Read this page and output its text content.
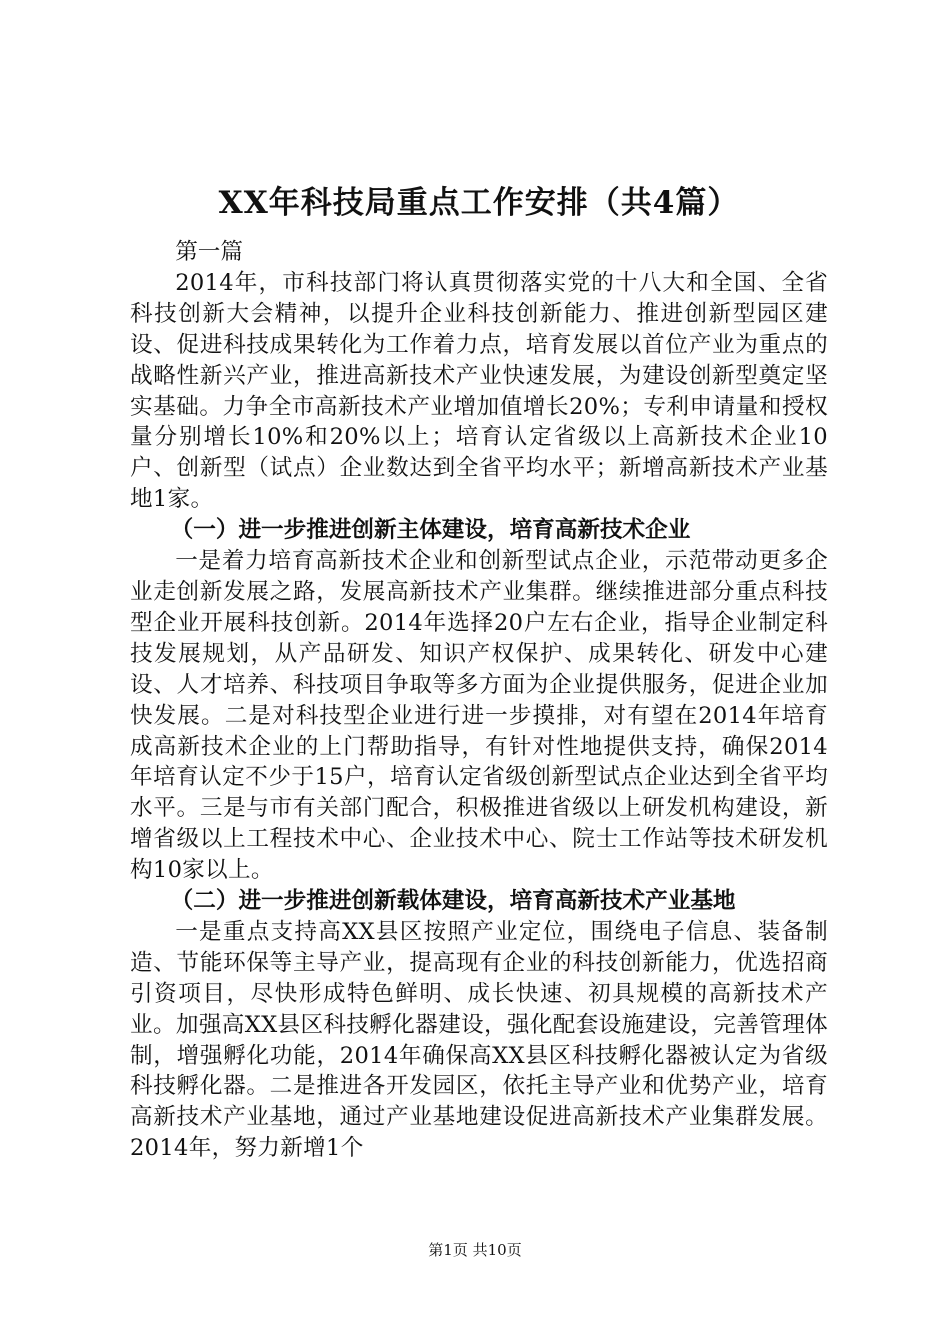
XX年科技局重点工作安排（共4篇）

第一篇

2014年，市科技部门将认真贯彻落实党的十八大和全国、全省科技创新大会精神，以提升企业科技创新能力、推进创新型园区建设、促进科技成果转化为工作着力点，培育发展以首位产业为重点的战略性新兴产业，推进高新技术产业快速发展，为建设创新型奠定坚实基础。力争全市高新技术产业增加值增长20%；专利申请量和授权量分别增长10%和20%以上；培育认定省级以上高新技术企业10户、创新型（试点）企业数达到全省平均水平；新增高新技术产业基地1家。

（一）进一步推进创新主体建设，培育高新技术企业

一是着力培育高新技术企业和创新型试点企业，示范带动更多企业走创新发展之路，发展高新技术产业集群。继续推进部分重点科技型企业开展科技创新。2014年选择20户左右企业，指导企业制定科技发展规划，从产品研发、知识产权保护、成果转化、研发中心建设、人才培养、科技项目争取等多方面为企业提供服务，促进企业加快发展。二是对科技型企业进行进一步摸排，对有望在2014年培育成高新技术企业的上门帮助指导，有针对性地提供支持，确保2014年培育认定不少于15户，培育认定省级创新型试点企业达到全省平均水平。三是与市有关部门配合，积极推进省级以上研发机构建设，新增省级以上工程技术中心、企业技术中心、院士工作站等技术研发机构10家以上。

（二）进一步推进创新载体建设，培育高新技术产业基地

一是重点支持高XX县区按照产业定位，围绕电子信息、装备制造、节能环保等主导产业，提高现有企业的科技创新能力，优选招商引资项目，尽快形成特色鲜明、成长快速、初具规模的高新技术产业。加强高XX县区科技孵化器建设，强化配套设施建设，完善管理体制，增强孵化功能，2014年确保高XX县区科技孵化器被认定为省级科技孵化器。二是推进各开发园区，依托主导产业和优势产业，培育高新技术产业基地，通过产业基地建设促进高新技术产业集群发展。2014年，努力新增1个

第1页 共10页
